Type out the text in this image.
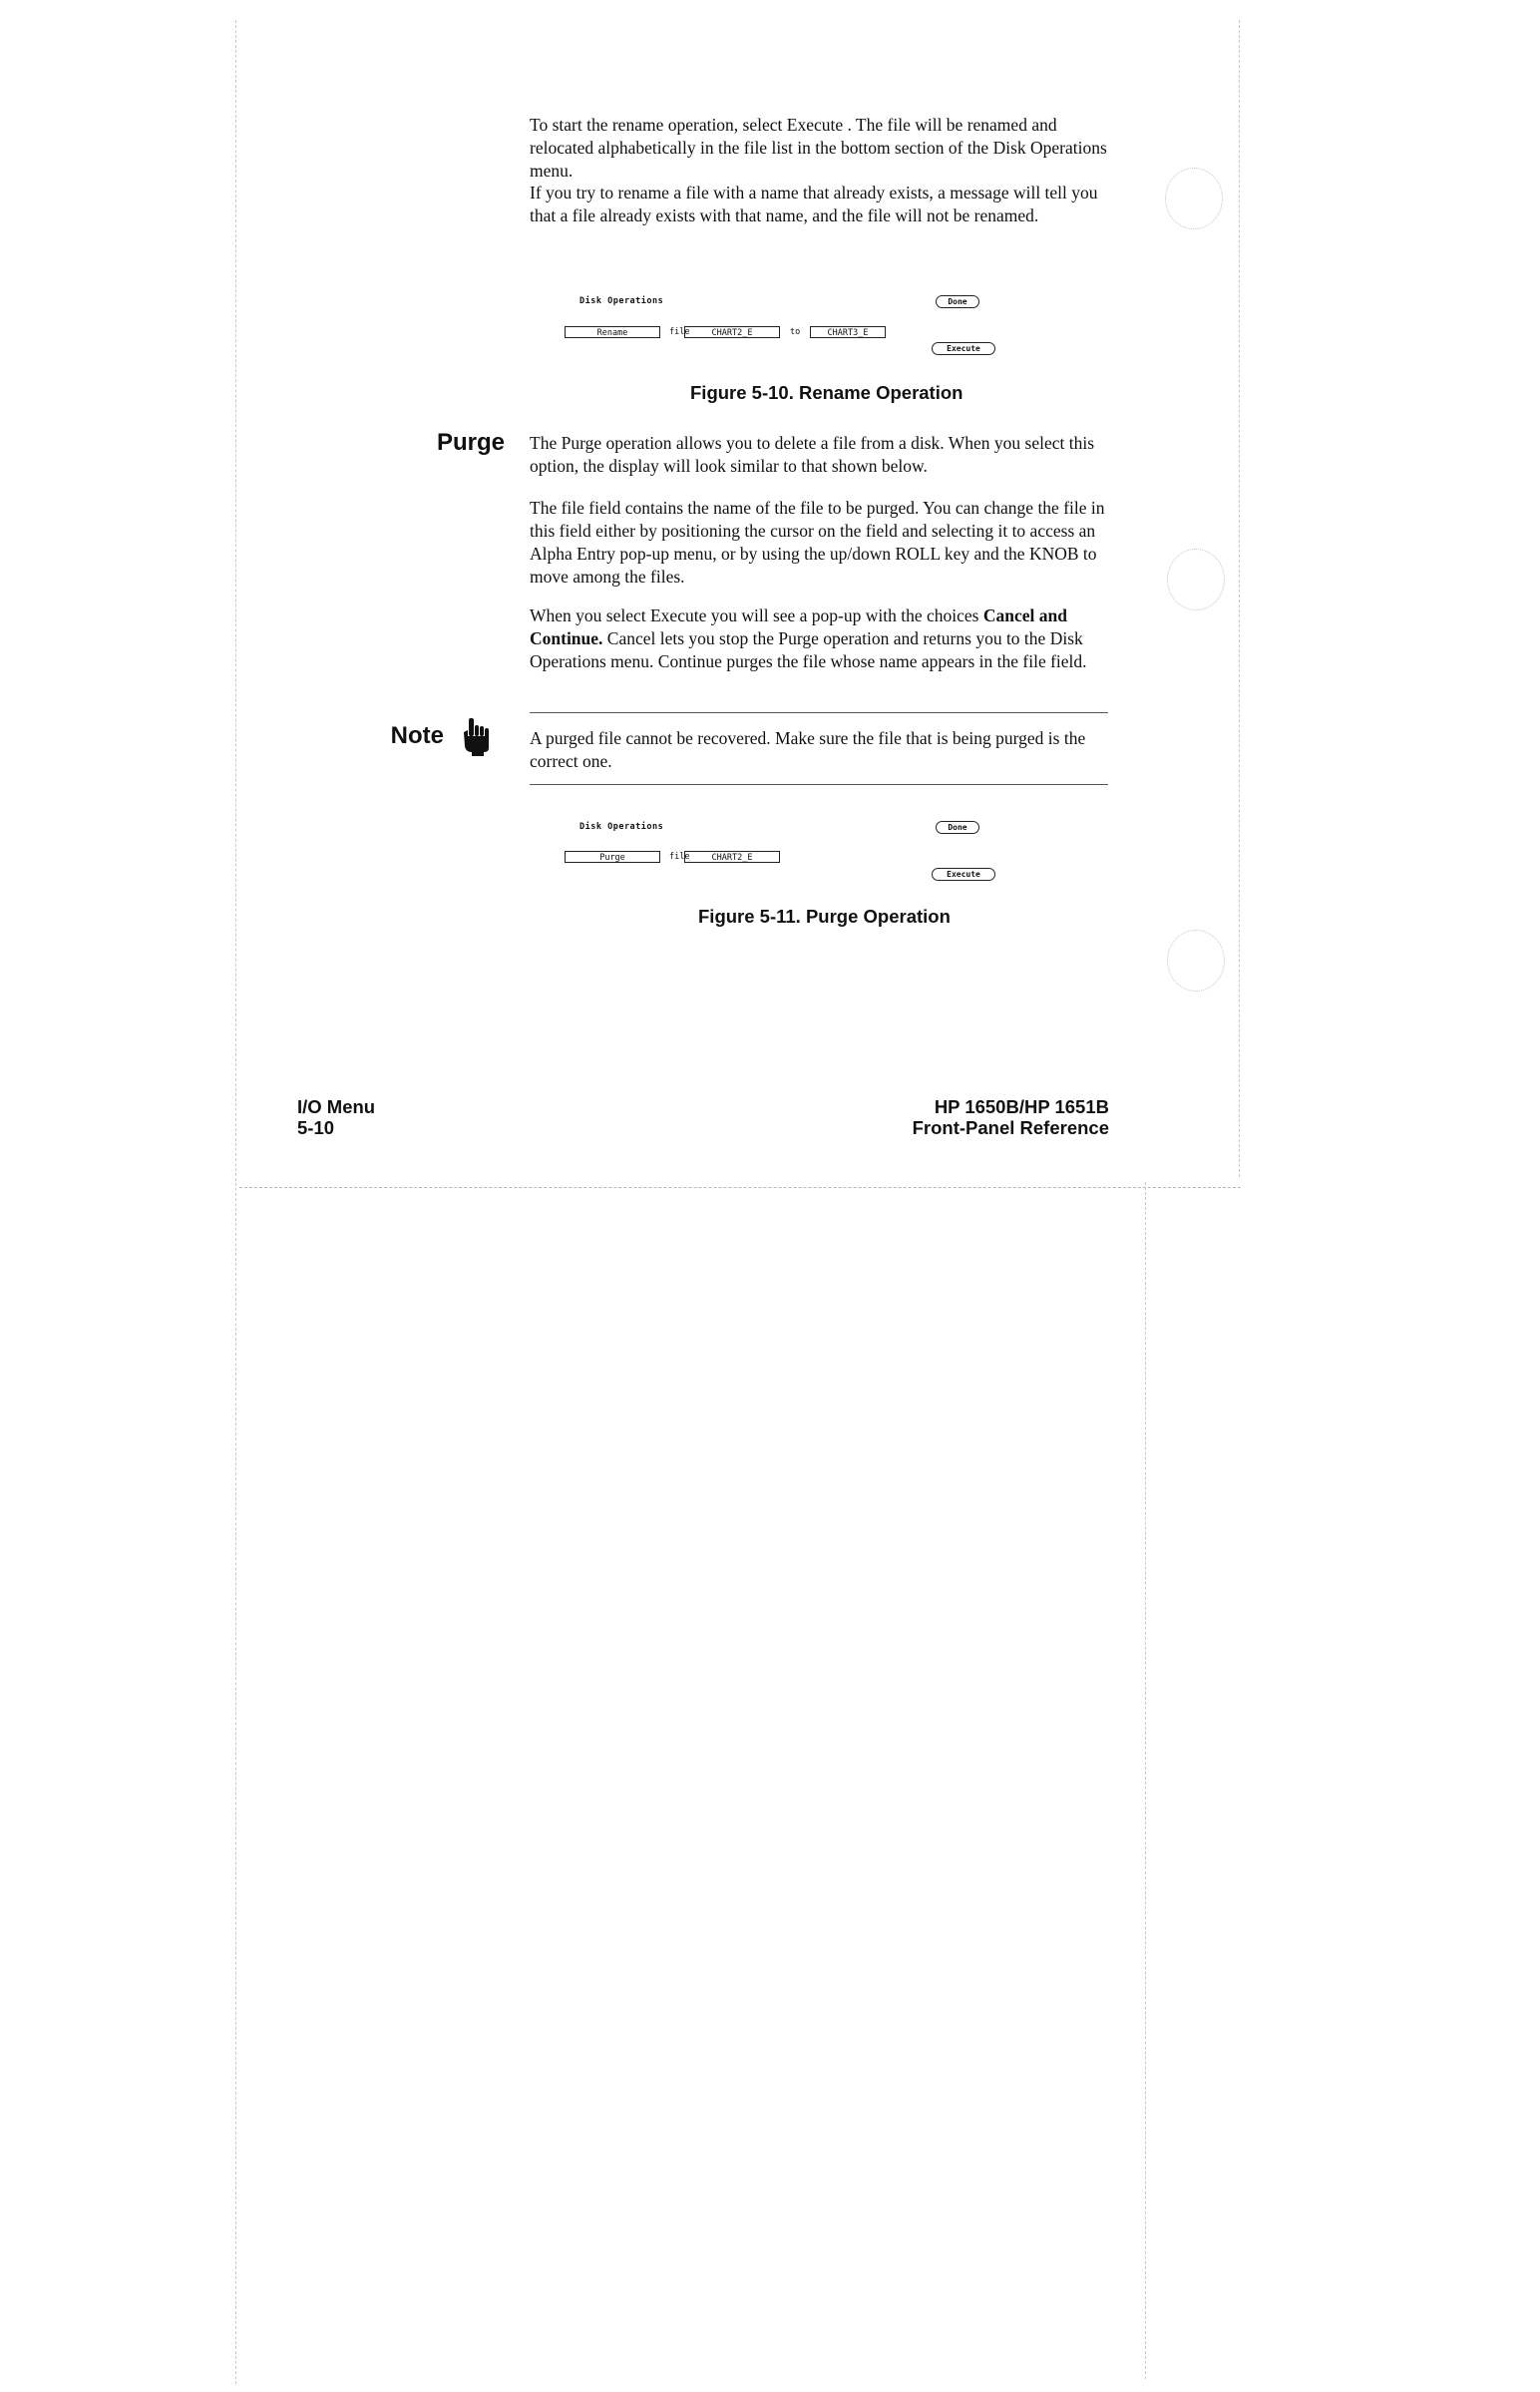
To start the rename operation, select Execute . The file will be renamed and relocated alphabetically in the file list in the bottom section of the Disk Operations menu.

If you try to rename a file with a name that already exists, a message will tell you that a file already exists with that name, and the file will not be renamed.

Disk Operations	Done
Rename	file	CHART2_E	to	CHART3_E
Execute
Figure 5-10. Rename Operation
Purge The Purge operation allows you to delete a file from a disk. When you select this option, the display will look similar to that shown below.

The file field contains the name of the file to be purged. You can change the file in this field either by positioning the cursor on the field and selecting it to access an Alpha Entry pop-up menu, or by using the up/down ROLL key and the KNOB to move among the files.

When you select Execute you will see a pop-up with the choices Cancel and Continue. Cancel lets you stop the Purge operation and returns you to the Disk Operations menu. Continue purges the file whose name appears in the file field.

Note	A purged file cannot be recovered. Make sure the file that is being purged is the correct one.

Disk Operations	Done
Purge	file	CHART2_E
Execute
Figure 5-11. Purge Operation
I/O Menu
5-10
HP 1650B/HP 1651B
Front-Panel Reference
